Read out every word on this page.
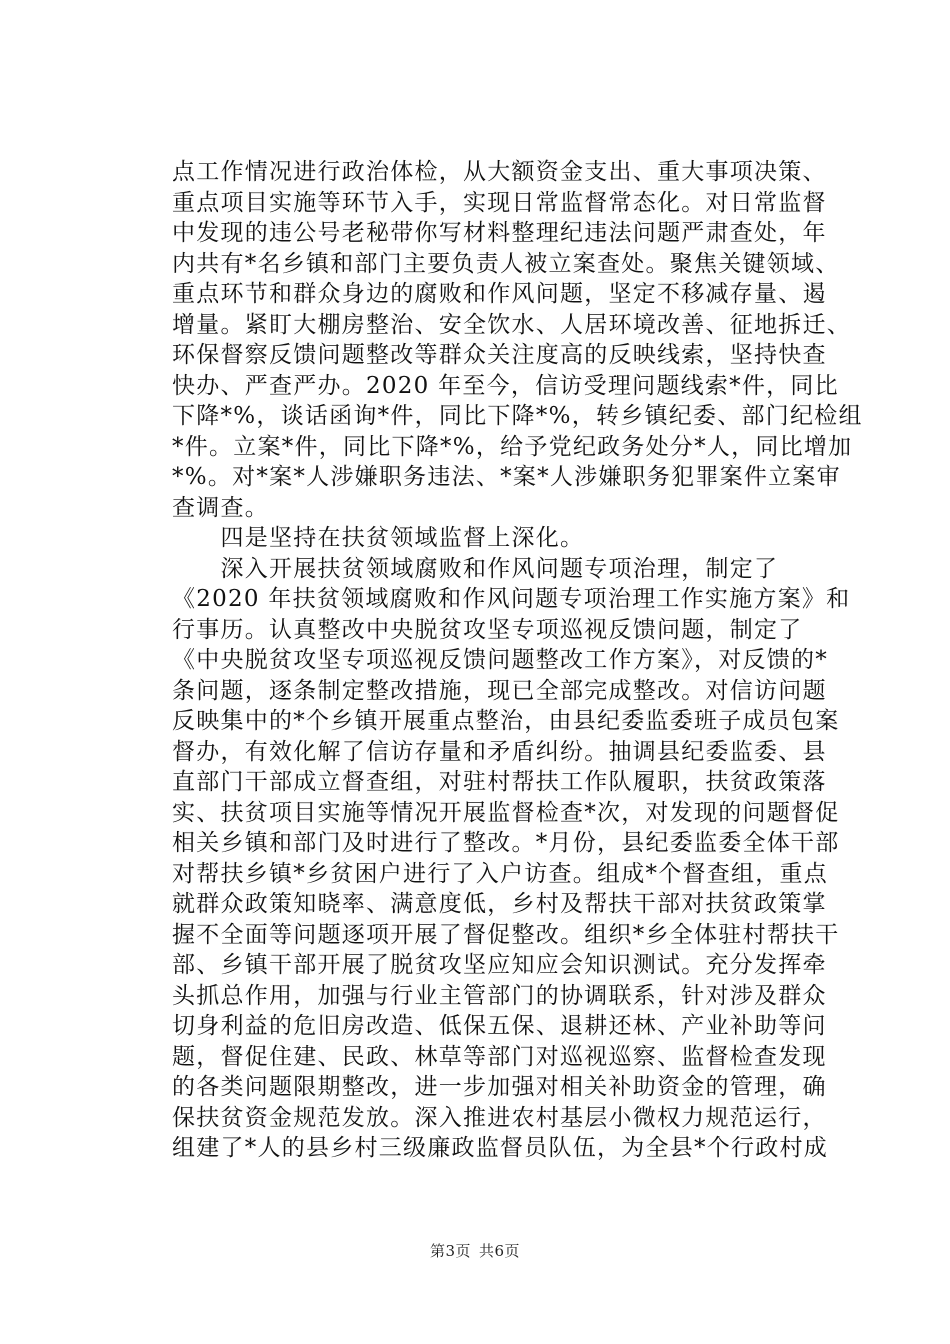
点工作情况进行政治体检，从大额资金支出、重大事项决策、
重点项目实施等环节入手，实现日常监督常态化。对日常监督
中发现的违公号老秘带你写材料整理纪违法问题严肃查处，年
内共有*名乡镇和部门主要负责人被立案查处。聚焦关键领域、
重点环节和群众身边的腐败和作风问题，坚定不移减存量、遏
增量。紧盯大棚房整治、安全饮水、人居环境改善、征地拆迁、
环保督察反馈问题整改等群众关注度高的反映线索，坚持快查
快办、严查严办。2020 年至今，信访受理问题线索*件，同比
下降*%，谈话函询*件，同比下降*%，转乡镇纪委、部门纪检组
*件。立案*件，同比下降*%，给予党纪政务处分*人，同比增加
*%。对*案*人涉嫌职务违法、*案*人涉嫌职务犯罪案件立案审
查调查。
　　四是坚持在扶贫领域监督上深化。
　　深入开展扶贫领域腐败和作风问题专项治理，制定了
《2020 年扶贫领域腐败和作风问题专项治理工作实施方案》和
行事历。认真整改中央脱贫攻坚专项巡视反馈问题，制定了
《中央脱贫攻坚专项巡视反馈问题整改工作方案》，对反馈的*
条问题，逐条制定整改措施，现已全部完成整改。对信访问题
反映集中的*个乡镇开展重点整治，由县纪委监委班子成员包案
督办，有效化解了信访存量和矛盾纠纷。抽调县纪委监委、县
直部门干部成立督查组，对驻村帮扶工作队履职，扶贫政策落
实、扶贫项目实施等情况开展监督检查*次，对发现的问题督促
相关乡镇和部门及时进行了整改。*月份，县纪委监委全体干部
对帮扶乡镇*乡贫困户进行了入户访查。组成*个督查组，重点
就群众政策知晓率、满意度低，乡村及帮扶干部对扶贫政策掌
握不全面等问题逐项开展了督促整改。组织*乡全体驻村帮扶干
部、乡镇干部开展了脱贫攻坚应知应会知识测试。充分发挥牵
头抓总作用，加强与行业主管部门的协调联系，针对涉及群众
切身利益的危旧房改造、低保五保、退耕还林、产业补助等问
题，督促住建、民政、林草等部门对巡视巡察、监督检查发现
的各类问题限期整改，进一步加强对相关补助资金的管理，确
保扶贫资金规范发放。深入推进农村基层小微权力规范运行，
组建了*人的县乡村三级廉政监督员队伍，为全县*个行政村成
第3页 共6页
